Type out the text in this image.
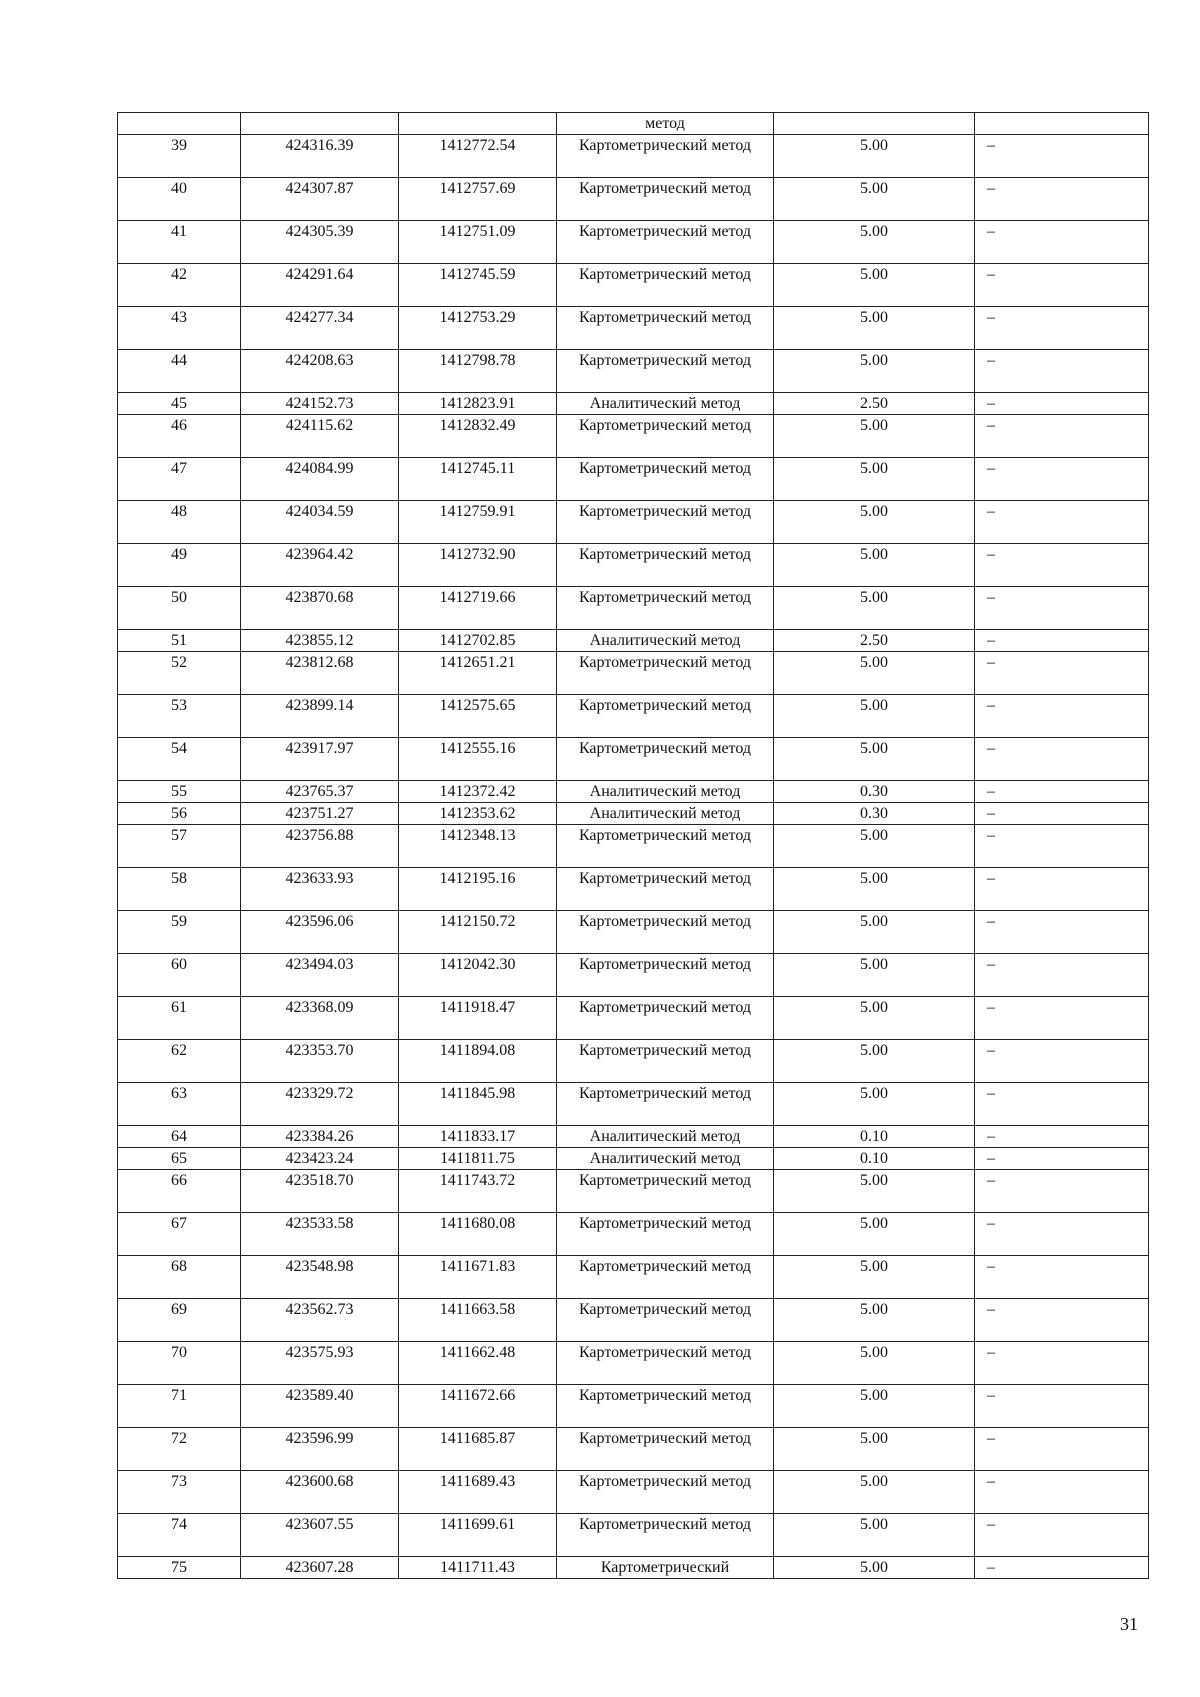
			метод		
39	424316.39	1412772.54	Картометрический метод	5.00	–
40	424307.87	1412757.69	Картометрический метод	5.00	–
41	424305.39	1412751.09	Картометрический метод	5.00	–
42	424291.64	1412745.59	Картометрический метод	5.00	–
43	424277.34	1412753.29	Картометрический метод	5.00	–
44	424208.63	1412798.78	Картометрический метод	5.00	–
45	424152.73	1412823.91	Аналитический метод	2.50	–
46	424115.62	1412832.49	Картометрический метод	5.00	–
47	424084.99	1412745.11	Картометрический метод	5.00	–
48	424034.59	1412759.91	Картометрический метод	5.00	–
49	423964.42	1412732.90	Картометрический метод	5.00	–
50	423870.68	1412719.66	Картометрический метод	5.00	–
51	423855.12	1412702.85	Аналитический метод	2.50	–
52	423812.68	1412651.21	Картометрический метод	5.00	–
53	423899.14	1412575.65	Картометрический метод	5.00	–
54	423917.97	1412555.16	Картометрический метод	5.00	–
55	423765.37	1412372.42	Аналитический метод	0.30	–
56	423751.27	1412353.62	Аналитический метод	0.30	–
57	423756.88	1412348.13	Картометрический метод	5.00	–
58	423633.93	1412195.16	Картометрический метод	5.00	–
59	423596.06	1412150.72	Картометрический метод	5.00	–
60	423494.03	1412042.30	Картометрический метод	5.00	–
61	423368.09	1411918.47	Картометрический метод	5.00	–
62	423353.70	1411894.08	Картометрический метод	5.00	–
63	423329.72	1411845.98	Картометрический метод	5.00	–
64	423384.26	1411833.17	Аналитический метод	0.10	–
65	423423.24	1411811.75	Аналитический метод	0.10	–
66	423518.70	1411743.72	Картометрический метод	5.00	–
67	423533.58	1411680.08	Картометрический метод	5.00	–
68	423548.98	1411671.83	Картометрический метод	5.00	–
69	423562.73	1411663.58	Картометрический метод	5.00	–
70	423575.93	1411662.48	Картометрический метод	5.00	–
71	423589.40	1411672.66	Картометрический метод	5.00	–
72	423596.99	1411685.87	Картометрический метод	5.00	–
73	423600.68	1411689.43	Картометрический метод	5.00	–
74	423607.55	1411699.61	Картометрический метод	5.00	–
75	423607.28	1411711.43	Картометрический	5.00	–
31
